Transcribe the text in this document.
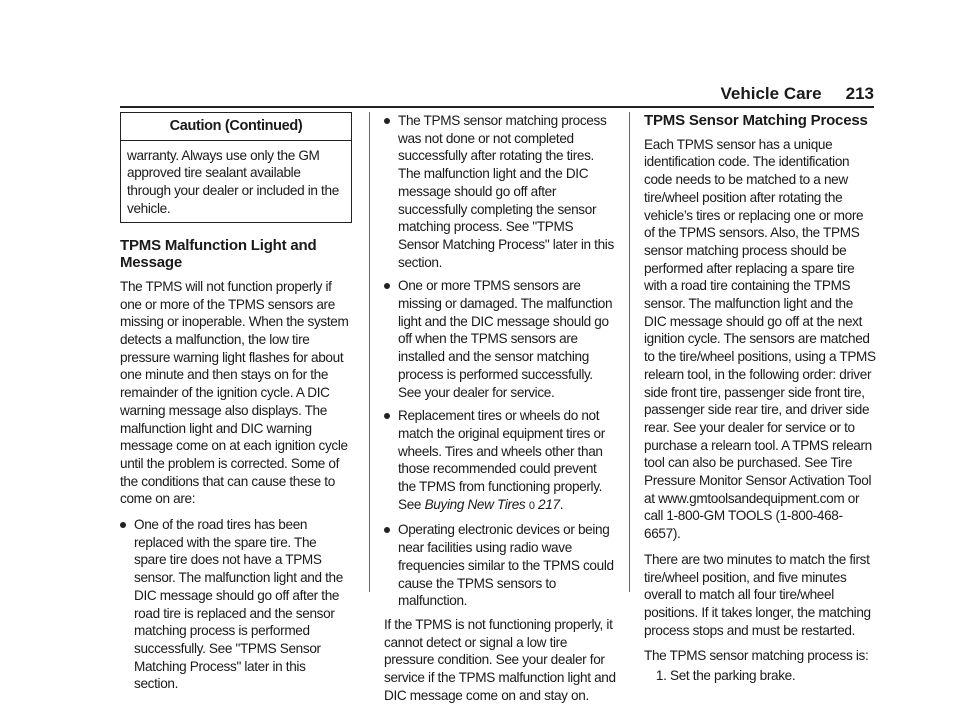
Vehicle Care 213
Caution (Continued)
warranty. Always use only the GM approved tire sealant available through your dealer or included in the vehicle.
TPMS Malfunction Light and Message

The TPMS will not function properly if one or more of the TPMS sensors are missing or inoperable. When the system detects a malfunction, the low tire pressure warning light flashes for about one minute and then stays on for the remainder of the ignition cycle. A DIC warning message also displays. The malfunction light and DIC warning message come on at each ignition cycle until the problem is corrected. Some of the conditions that can cause these to come on are:

One of the road tires has been replaced with the spare tire. The spare tire does not have a TPMS sensor. The malfunction light and the DIC message should go off after the road tire is replaced and the sensor matching process is performed successfully. See "TPMS Sensor Matching Process" later in this section.
The TPMS sensor matching process was not done or not completed successfully after rotating the tires. The malfunction light and the DIC message should go off after successfully completing the sensor matching process. See "TPMS Sensor Matching Process" later in this section.
One or more TPMS sensors are missing or damaged. The malfunction light and the DIC message should go off when the TPMS sensors are installed and the sensor matching process is performed successfully. See your dealer for service.
Replacement tires or wheels do not match the original equipment tires or wheels. Tires and wheels other than those recommended could prevent the TPMS from functioning properly. See Buying New Tires 0 217.
Operating electronic devices or being near facilities using radio wave frequencies similar to the TPMS could cause the TPMS sensors to malfunction.

If the TPMS is not functioning properly, it cannot detect or signal a low tire pressure condition. See your dealer for service if the TPMS malfunction light and DIC message come on and stay on.

TPMS Sensor Matching Process

Each TPMS sensor has a unique identification code. The identification code needs to be matched to a new tire/wheel position after rotating the vehicle’s tires or replacing one or more of the TPMS sensors. Also, the TPMS sensor matching process should be performed after replacing a spare tire with a road tire containing the TPMS sensor. The malfunction light and the DIC message should go off at the next ignition cycle. The sensors are matched to the tire/wheel positions, using a TPMS relearn tool, in the following order: driver side front tire, passenger side front tire, passenger side rear tire, and driver side rear. See your dealer for service or to purchase a relearn tool. A TPMS relearn tool can also be purchased. See Tire Pressure Monitor Sensor Activation Tool at www.gmtoolsandequipment.com or call 1-800-GM TOOLS (1-800-468-6657).

There are two minutes to match the first tire/wheel position, and five minutes overall to match all four tire/wheel positions. If it takes longer, the matching process stops and must be restarted.

The TPMS sensor matching process is:

1. Set the parking brake.
